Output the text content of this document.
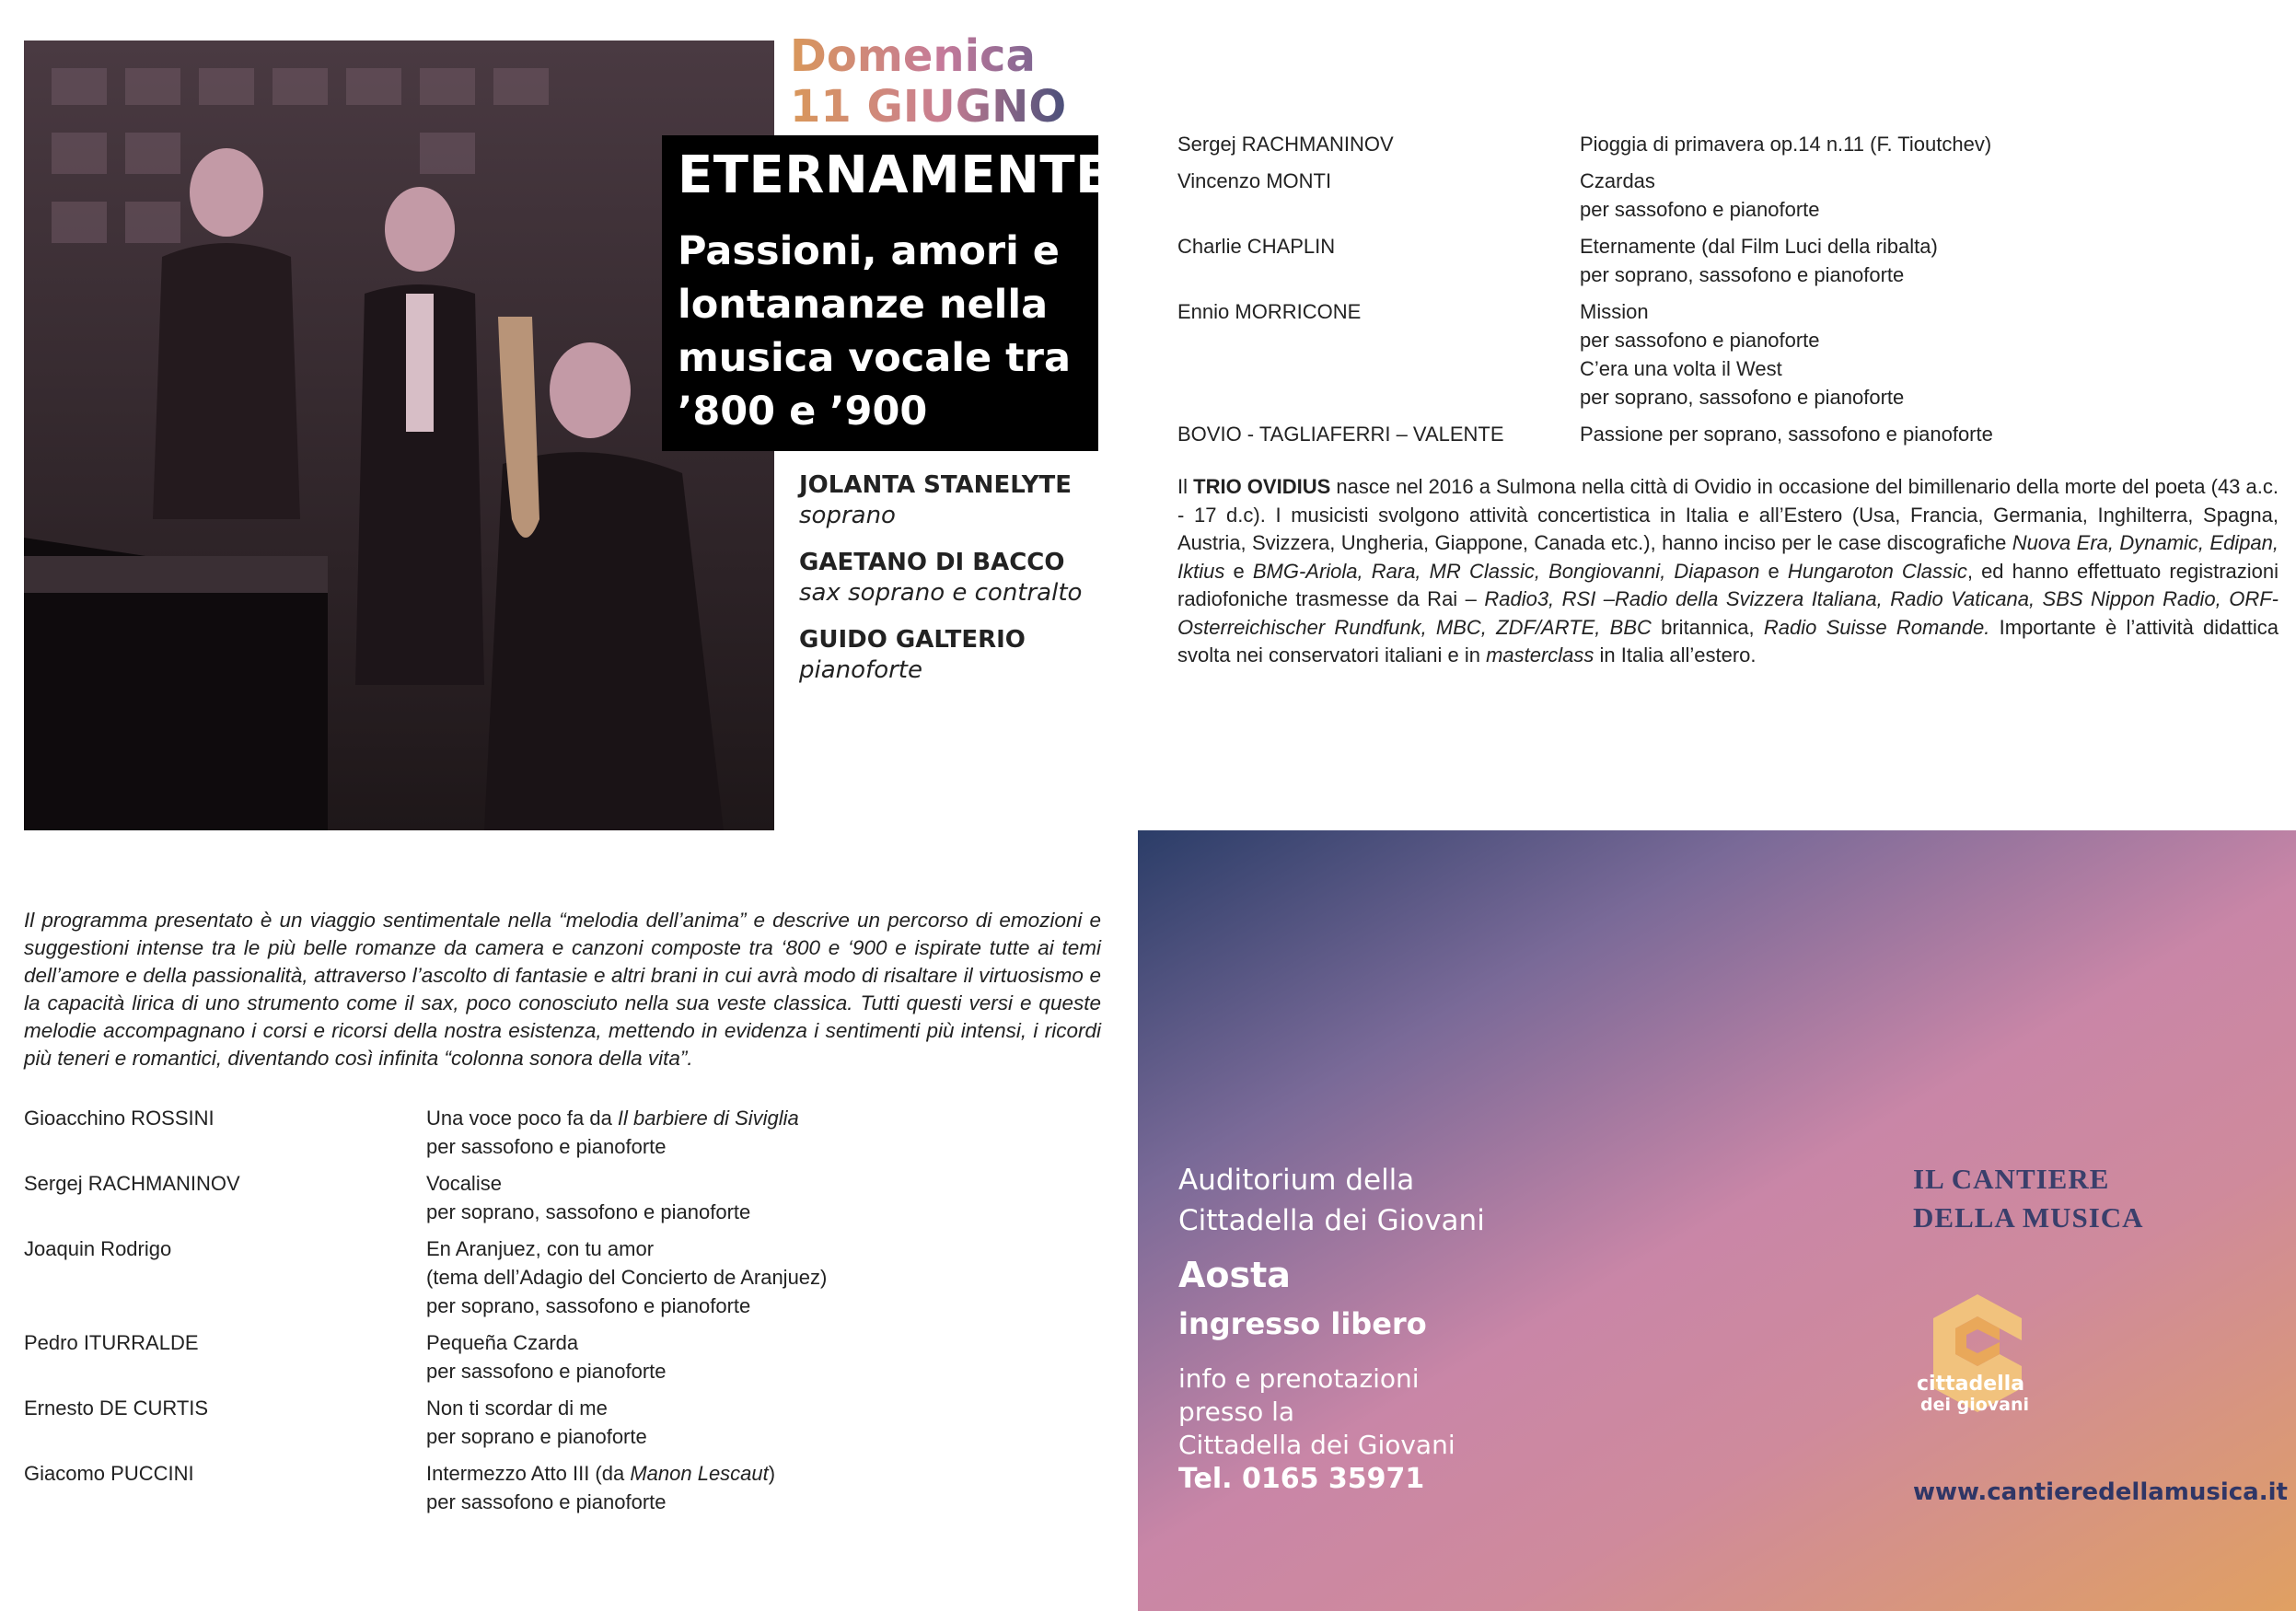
Domenica
11 GIUGNO
ETERNAMENTE
Passioni, amori e lontananze nella musica vocale tra ’800 e ’900
JOLANTA STANELYTE
soprano
GAETANO DI BACCO
sax soprano e contralto
GUIDO GALTERIO
pianoforte
Sergej RACHMANINOV	Pioggia di primavera op.14 n.11 (F. Tioutchev)
Vincenzo MONTI	Czardas
per sassofono e pianoforte
Charlie CHAPLIN	Eternamente (dal Film Luci della ribalta)
per soprano, sassofono e pianoforte
Ennio MORRICONE	Mission
per sassofono e pianoforte
C’era una volta il West
per soprano, sassofono e pianoforte
BOVIO - TAGLIAFERRI – VALENTE	Passione per soprano, sassofono e pianoforte
Il TRIO OVIDIUS nasce nel 2016 a Sulmona nella città di Ovidio in occasione del bimillenario della morte del poeta (43 a.c. - 17 d.c). I musicisti svolgono attività concertistica in Italia e all’Estero (Usa, Francia, Germania, Inghilterra, Spagna, Austria, Svizzera, Ungheria, Giappone, Canada etc.), hanno inciso per le case discografiche Nuova Era, Dynamic, Edipan, Iktius e BMG-Ariola, Rara, MR Classic, Bongiovanni, Diapason e Hungaroton Classic, ed hanno effettuato registrazioni radiofoniche trasmesse da Rai – Radio3, RSI –Radio della Svizzera Italiana, Radio Vaticana, SBS Nippon Radio, ORF-Osterreichischer Rundfunk, MBC, ZDF/ARTE, BBC britannica, Radio Suisse Romande. Importante è l’attività didattica svolta nei conservatori italiani e in masterclass in Italia all’estero.
Il programma presentato è un viaggio sentimentale nella “melodia dell’anima” e descrive un percorso di emozioni e suggestioni intense tra le più belle romanze da camera e canzoni composte tra ‘800 e ‘900 e ispirate tutte ai temi dell’amore e della passionalità, attraverso l’ascolto di fantasie e altri brani in cui avrà modo di risaltare il virtuosismo e la capacità lirica di uno strumento come il sax, poco conosciuto nella sua veste classica. Tutti questi versi e queste melodie accompagnano i corsi e ricorsi della nostra esistenza, mettendo in evidenza i sentimenti più intensi, i ricordi più teneri e romantici, diventando così infinita “colonna sonora della vita”.
Gioacchino ROSSINI	Una voce poco fa da Il barbiere di Siviglia
per sassofono e pianoforte
Sergej RACHMANINOV	Vocalise
per soprano, sassofono e pianoforte
Joaquin Rodrigo	En Aranjuez, con tu amor
(tema dell’Adagio del Concierto de Aranjuez)
per soprano, sassofono e pianoforte
Pedro ITURRALDE	Pequeña Czarda
per sassofono e pianoforte
Ernesto DE CURTIS	Non ti scordar di me
per soprano e pianoforte
Giacomo PUCCINI	Intermezzo Atto III (da Manon Lescaut)
per sassofono e pianoforte
Auditorium della
Cittadella dei Giovani
Aosta
ingresso libero
info e prenotazioni
presso la
Cittadella dei Giovani
Tel. 0165 35971
IL CANTIERE
DELLA MUSICA
cittadella
dei giovani
www.cantieredellamusica.it
